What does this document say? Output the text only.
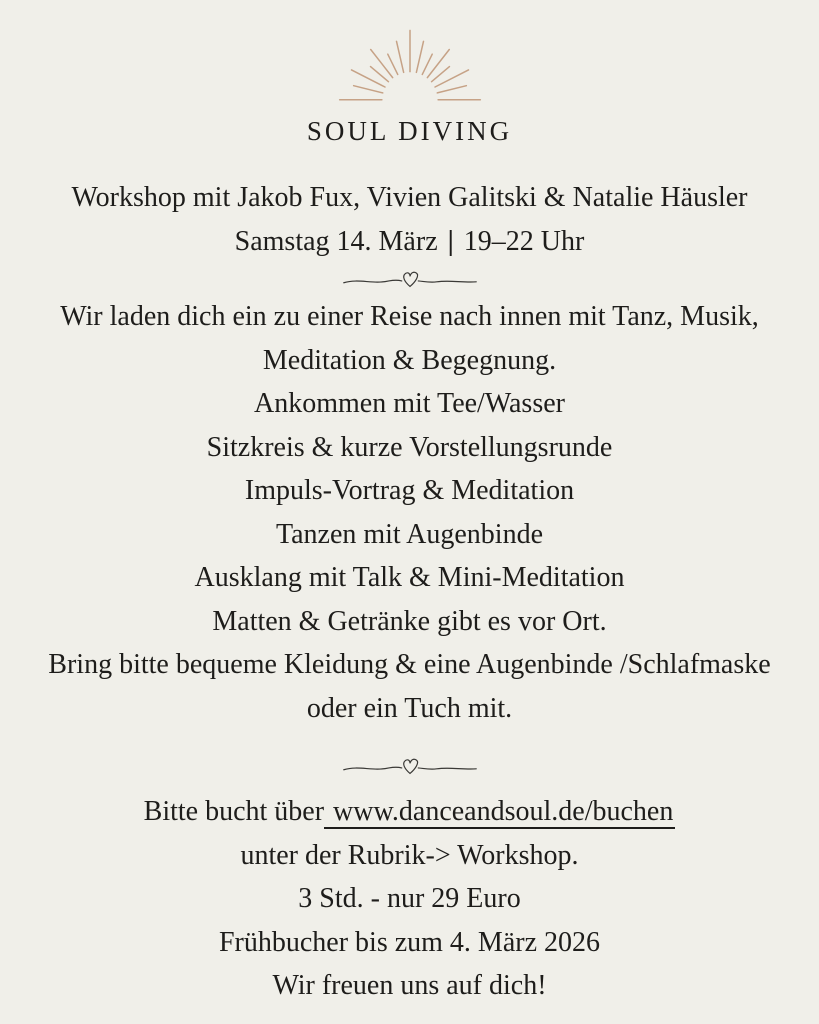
SOUL DIVING
Workshop mit Jakob Fux, Vivien Galitski & Natalie Häusler
Samstag 14. März | 19–22 Uhr
Wir laden dich ein zu einer Reise nach innen mit Tanz, Musik,
Meditation & Begegnung.
Ankommen mit Tee/Wasser
Sitzkreis & kurze Vorstellungsrunde
Impuls-Vortrag & Meditation
Tanzen mit Augenbinde
Ausklang mit Talk & Mini-Meditation
Matten & Getränke gibt es vor Ort.
Bring bitte bequeme Kleidung & eine Augenbinde /Schlafmaske
oder ein Tuch mit.
Bitte bucht über www.danceandsoul.de/buchen
unter der Rubrik-> Workshop.
3 Std. - nur 29 Euro
Frühbucher bis zum 4. März 2026
Wir freuen uns auf dich!
